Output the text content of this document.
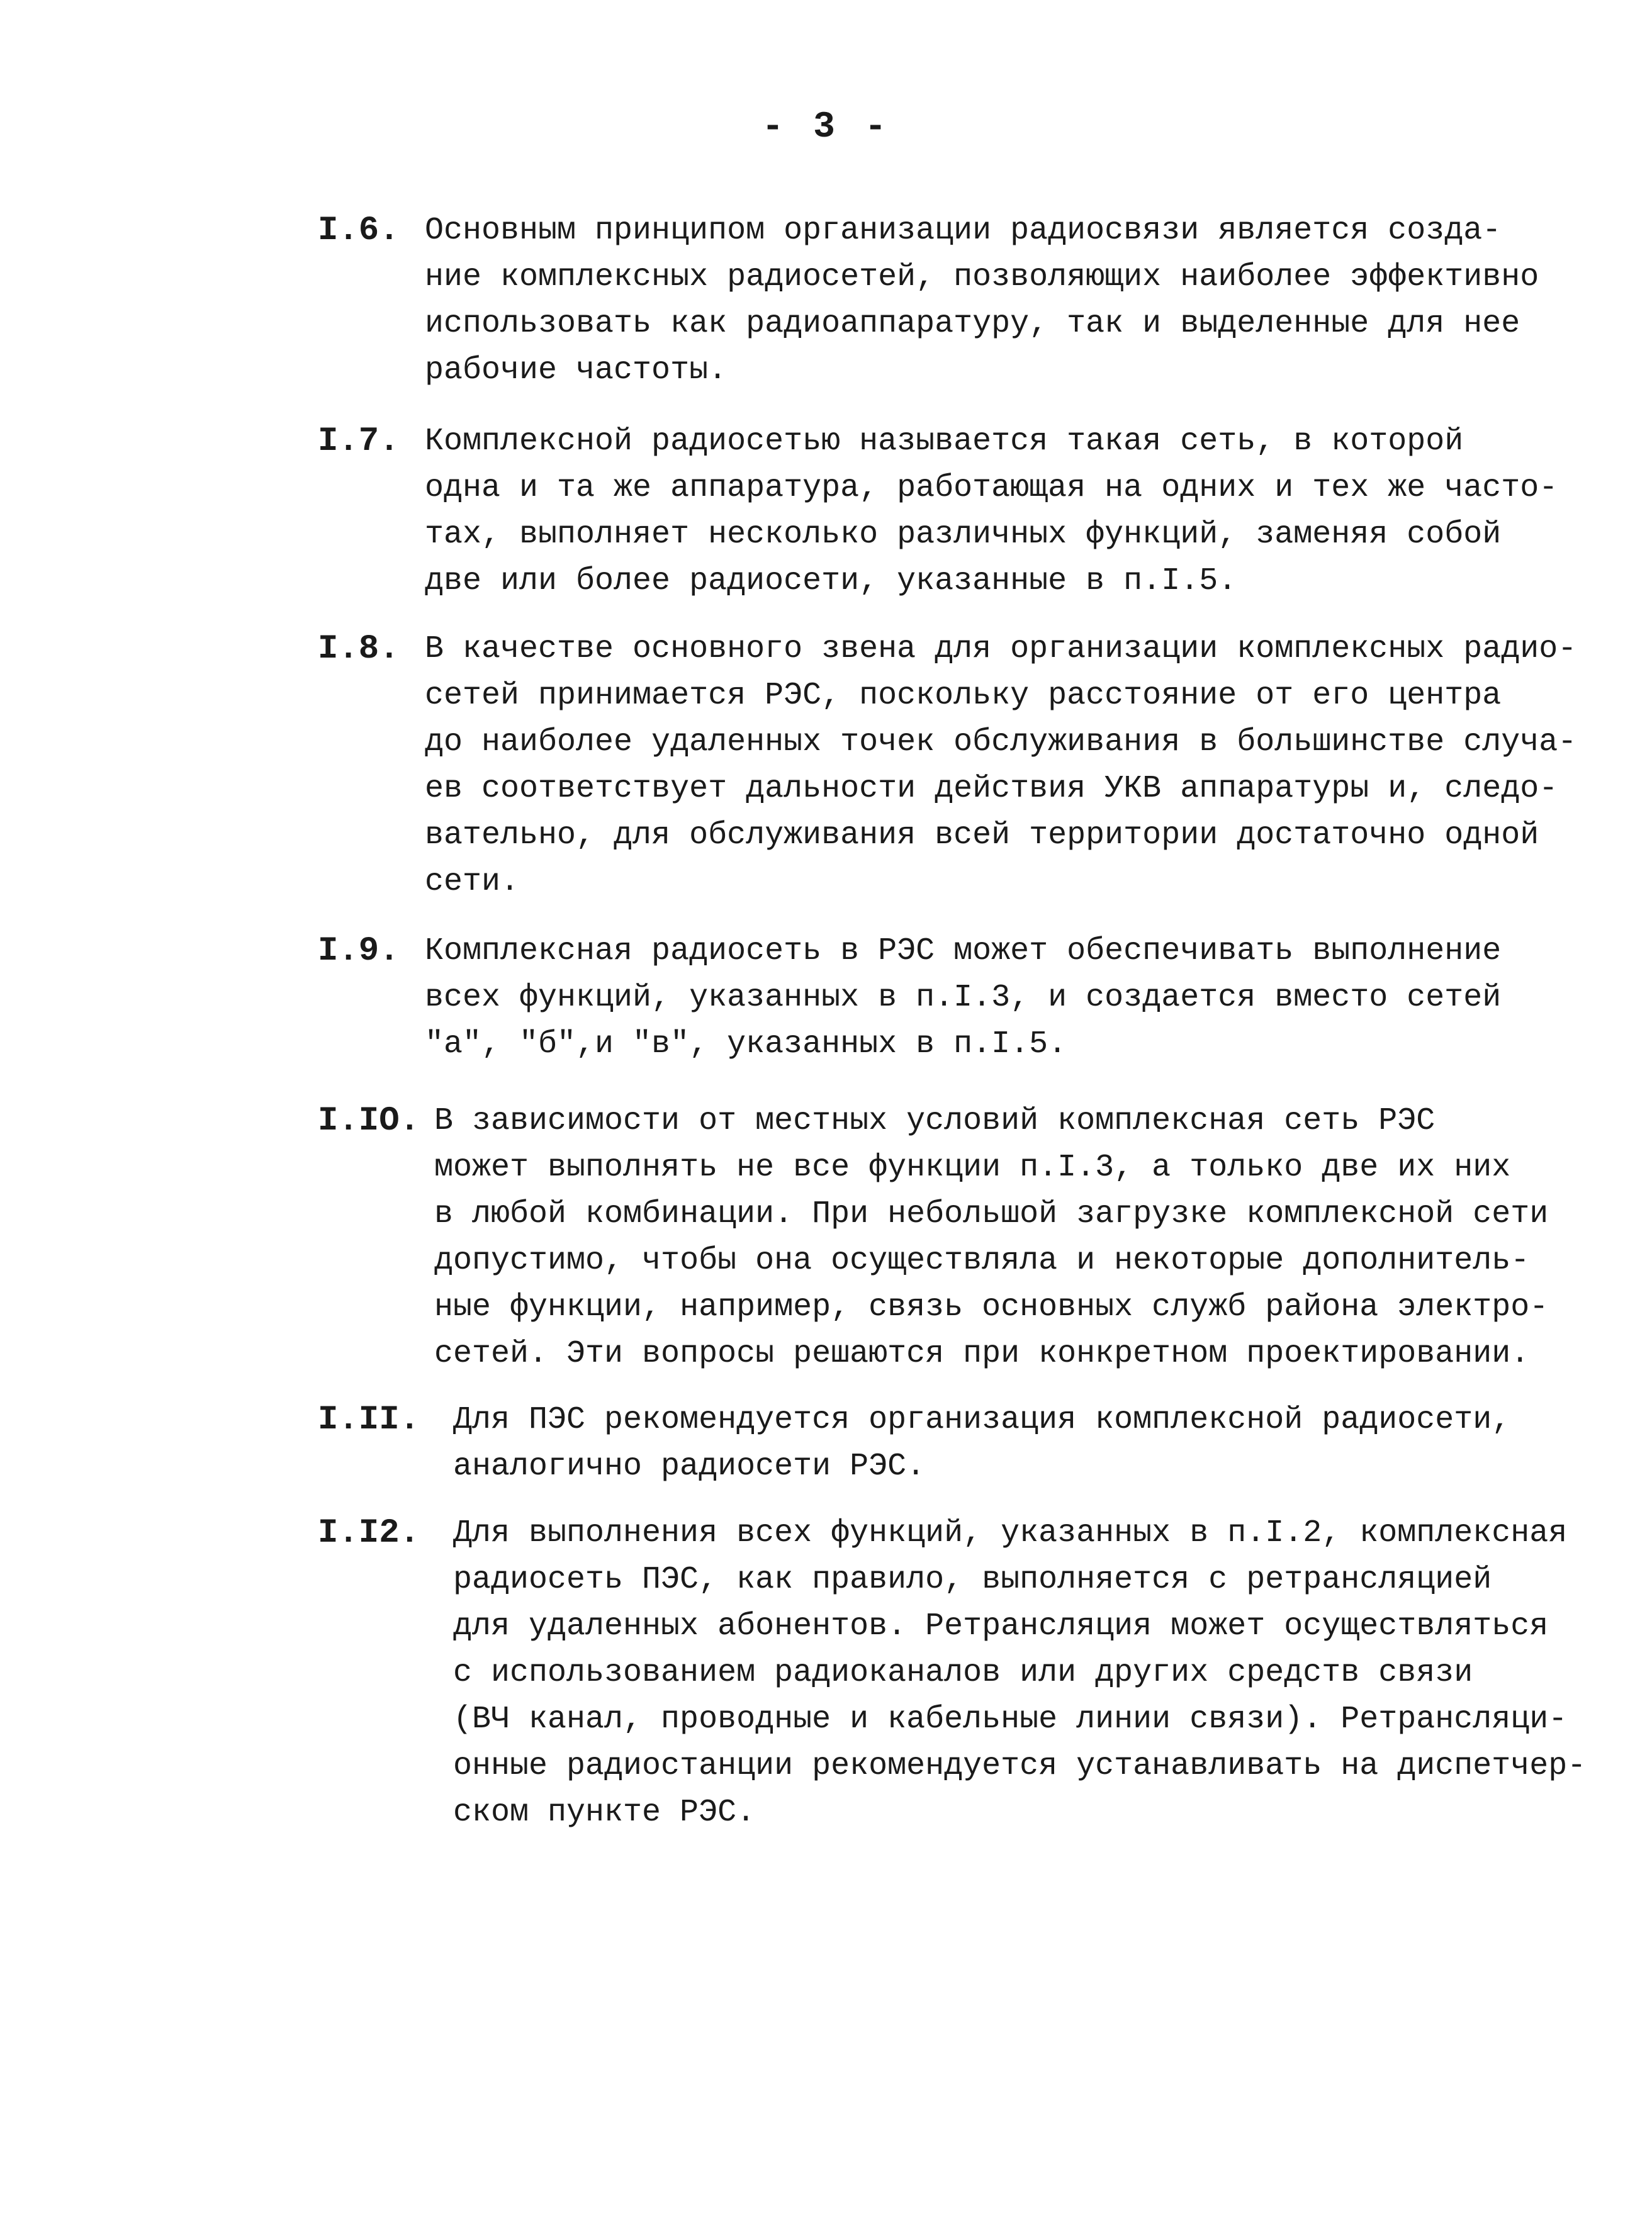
- 3 -
I.6. Основным принципом организации радиосвязи является созда-
ние комплексных радиосетей, позволяющих наиболее эффективно
использовать как радиоаппаратуру, так и выделенные для нее
рабочие частоты.
I.7. Комплексной радиосетью называется такая сеть, в которой
одна и та же аппаратура, работающая на одних и тех же часто-
тах, выполняет несколько различных функций, заменяя собой
две или более радиосети, указанные в п.I.5.
I.8. В качестве основного звена для организации комплексных радио-
сетей принимается РЭС, поскольку расстояние от его центра
до наиболее удаленных точек обслуживания в большинстве случа-
ев соответствует дальности действия УКВ аппаратуры и, следо-
вательно, для обслуживания всей территории достаточно одной
сети.
I.9. Комплексная радиосеть в РЭС может обеспечивать выполнение
всех функций, указанных в п.I.3, и создается вместо сетей
"а", "б",и "в", указанных в п.I.5.
I.IO. В зависимости от местных условий комплексная сеть РЭС
может выполнять не все функции п.I.3, а только две их них
в любой комбинации. При небольшой загрузке комплексной сети
допустимо, чтобы она осуществляла и некоторые дополнитель-
ные функции, например, связь основных служб района электро-
сетей. Эти вопросы решаются при конкретном проектировании.
I.II. Для ПЭС рекомендуется организация комплексной радиосети,
аналогично радиосети РЭС.
I.I2. Для выполнения всех функций, указанных в п.I.2, комплексная
радиосеть ПЭС, как правило, выполняется с ретрансляцией
для удаленных абонентов. Ретрансляция может осуществляться
с использованием радиоканалов или других средств связи
(ВЧ канал, проводные и кабельные линии связи). Ретрансляци-
онные радиостанции рекомендуется устанавливать на диспетчер-
ском пункте РЭС.
